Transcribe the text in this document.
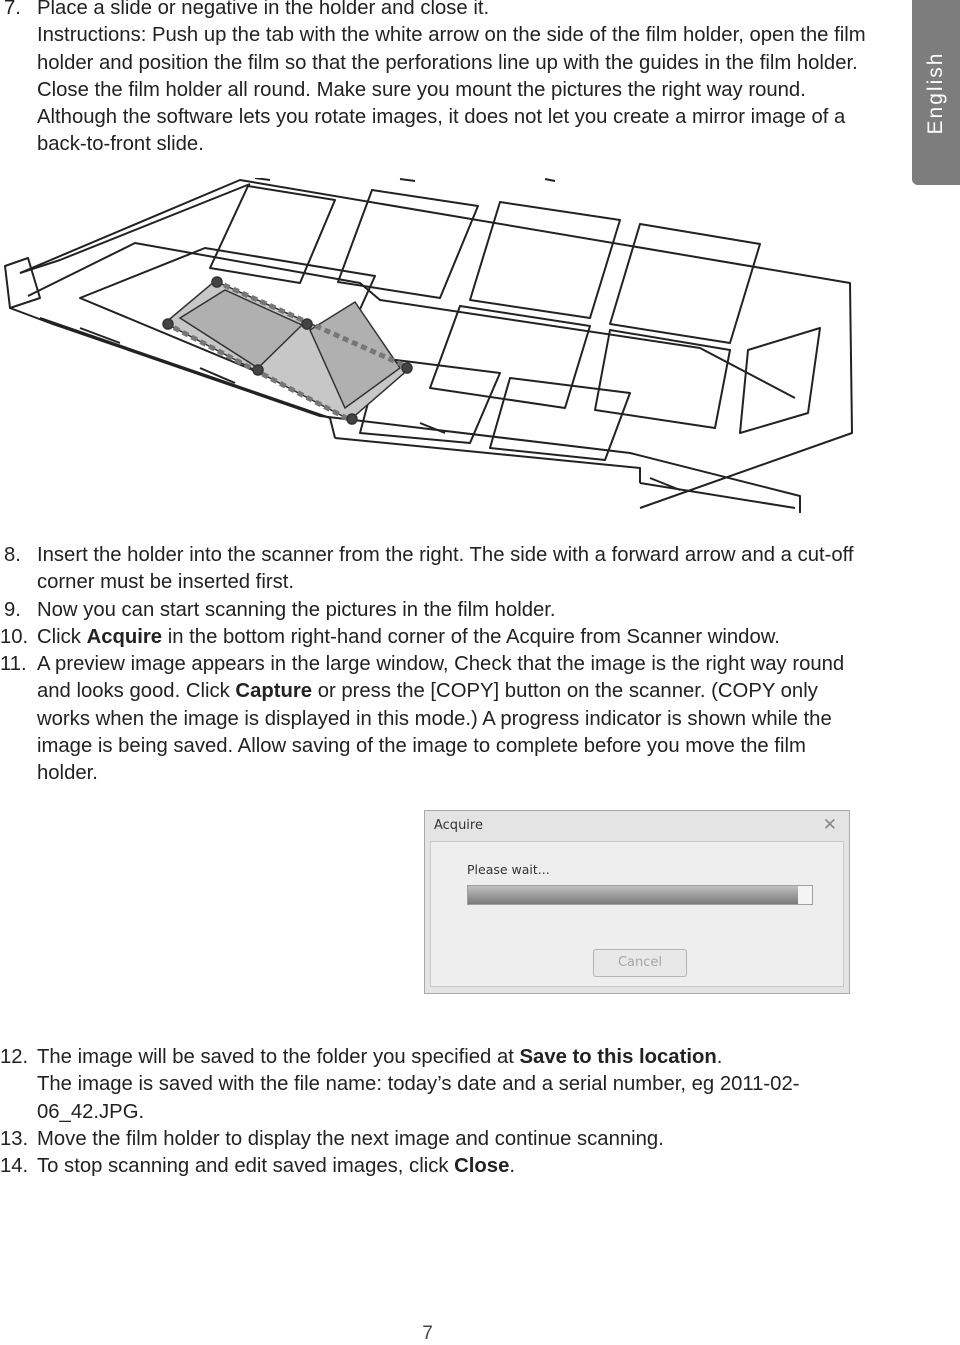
English
7. Place a slide or negative in the holder and close it.
Instructions: Push up the tab with the white arrow on the side of the film holder, open the film holder and position the film so that the perforations line up with the guides in the film holder. Close the film holder all round. Make sure you mount the pictures the right way round. Although the software lets you rotate images, it does not let you create a mirror image of a back-to-front slide.
8. Insert the holder into the scanner from the right. The side with a forward arrow and a cut-off corner must be inserted first.
9. Now you can start scanning the pictures in the film holder.
10. Click Acquire in the bottom right-hand corner of the Acquire from Scanner window.
11. A preview image appears in the large window, Check that the image is the right way round and looks good. Click Capture or press the [COPY] button on the scanner. (COPY only works when the image is displayed in this mode.) A progress indicator is shown while the image is being saved. Allow saving of the image to complete before you move the film holder.
Acquire	✕
Please wait...
Cancel
12. The image will be saved to the folder you specified at Save to this location.
The image is saved with the file name: today’s date and a serial number, eg 2011-02-06_42.JPG.
13. Move the film holder to display the next image and continue scanning.
14. To stop scanning and edit saved images, click Close.
7
